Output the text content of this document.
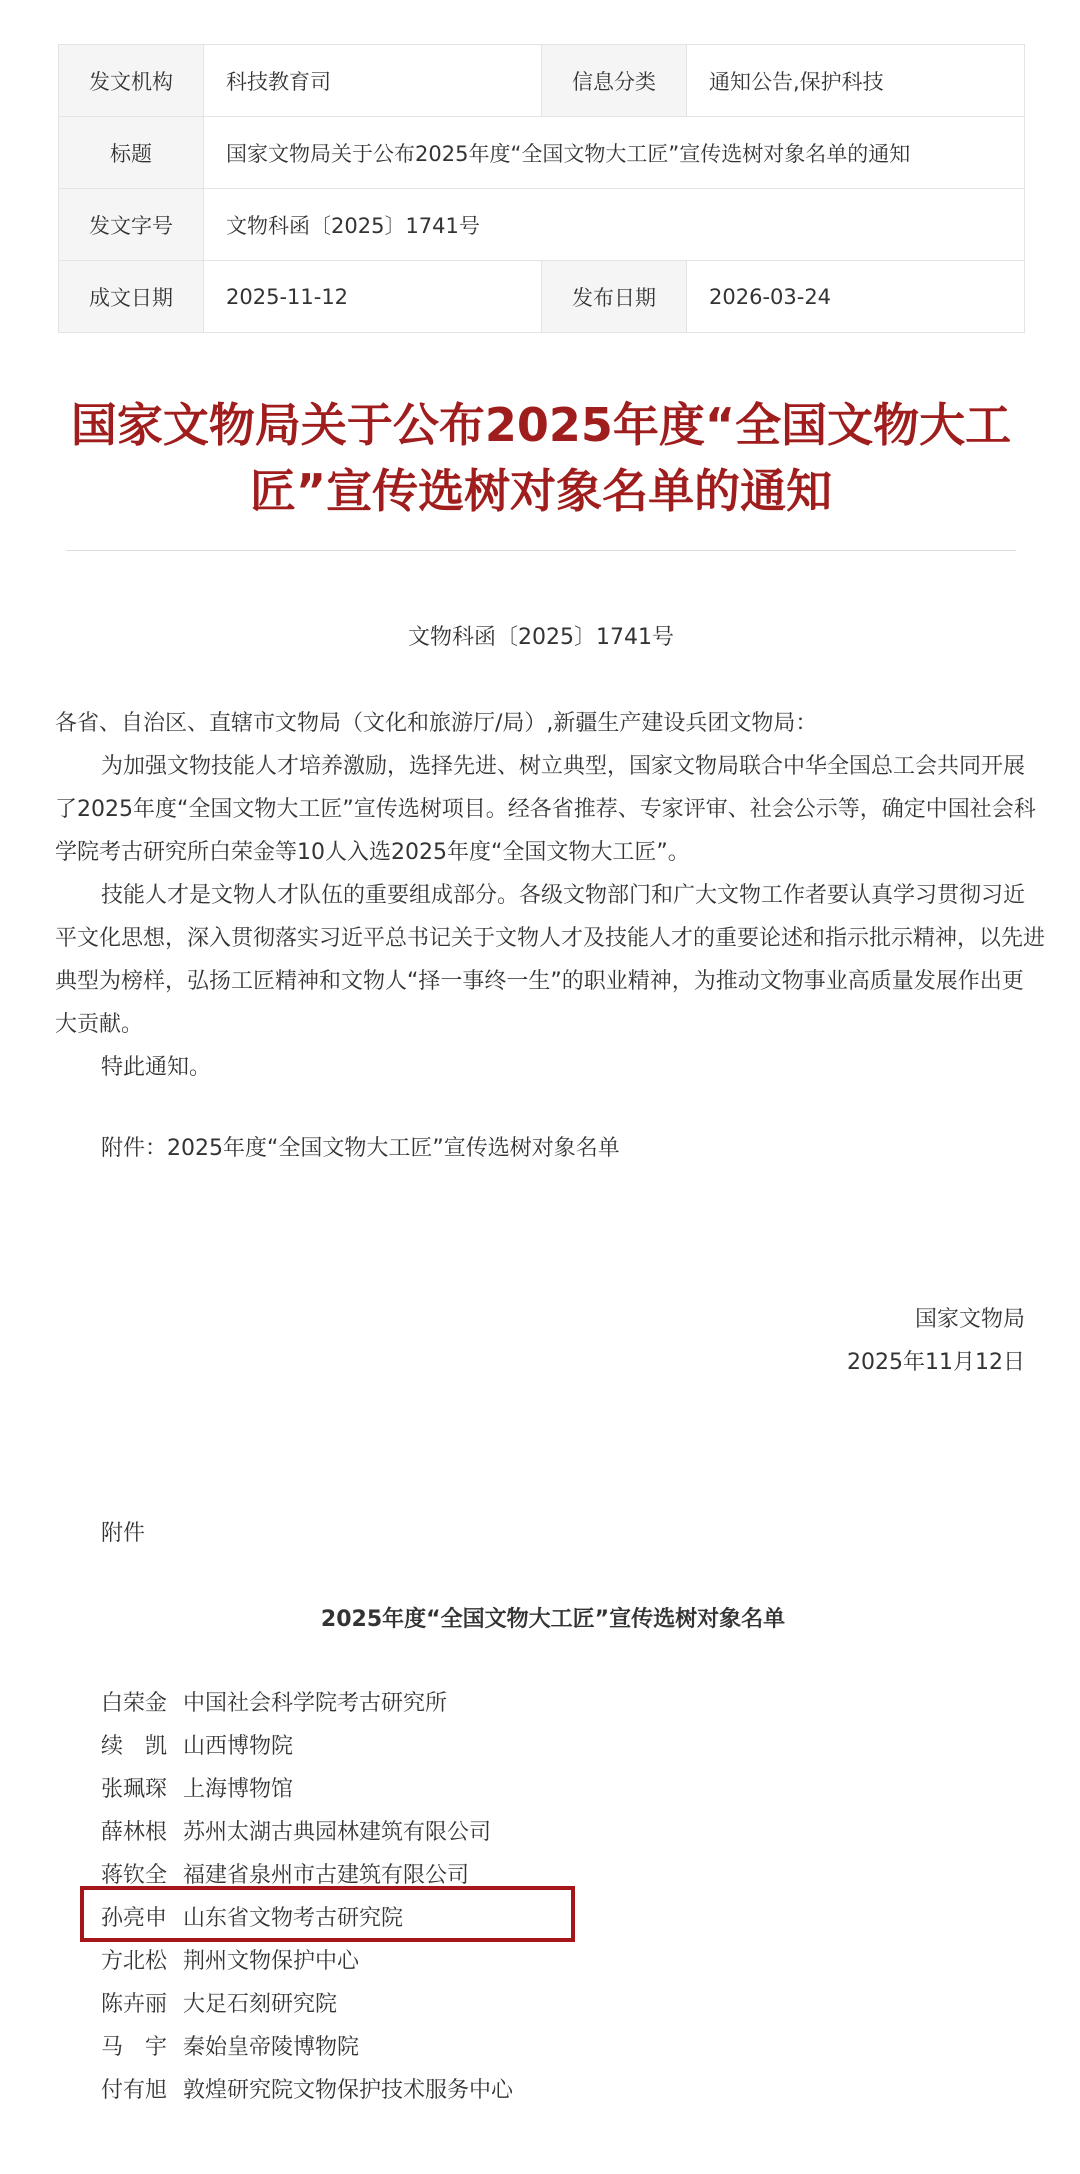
发文机构	科技教育司	信息分类	通知公告,保护科技
标题	国家文物局关于公布2025年度“全国文物大工匠”宣传选树对象名单的通知		
发文字号	文物科函〔2025〕1741号		
成文日期	2025-11-12	发布日期	2026-03-24
国家文物局关于公布2025年度“全国文物大工
匠”宣传选树对象名单的通知
文物科函〔2025〕1741号

各省、自治区、直辖市文物局（文化和旅游厅/局）,新疆生产建设兵团文物局：

为加强文物技能人才培养激励，选择先进、树立典型，国家文物局联合中华全国总工会共同开展了2025年度“全国文物大工匠”宣传选树项目。经各省推荐、专家评审、社会公示等，确定中国社会科学院考古研究所白荣金等10人入选2025年度“全国文物大工匠”。

技能人才是文物人才队伍的重要组成部分。各级文物部门和广大文物工作者要认真学习贯彻习近平文化思想，深入贯彻落实习近平总书记关于文物人才及技能人才的重要论述和指示批示精神，以先进典型为榜样，弘扬工匠精神和文物人“择一事终一生”的职业精神，为推动文物事业高质量发展作出更大贡献。

特此通知。

附件：2025年度“全国文物大工匠”宣传选树对象名单
国家文物局
2025年11月12日
附件
2025年度“全国文物大工匠”宣传选树对象名单
白荣金 中国社会科学院考古研究所
续凯 山西博物院
张珮琛 上海博物馆
薛林根 苏州太湖古典园林建筑有限公司
蒋钦全 福建省泉州市古建筑有限公司
孙亮申 山东省文物考古研究院
方北松 荆州文物保护中心
陈卉丽 大足石刻研究院
马宇 秦始皇帝陵博物院
付有旭 敦煌研究院文物保护技术服务中心
